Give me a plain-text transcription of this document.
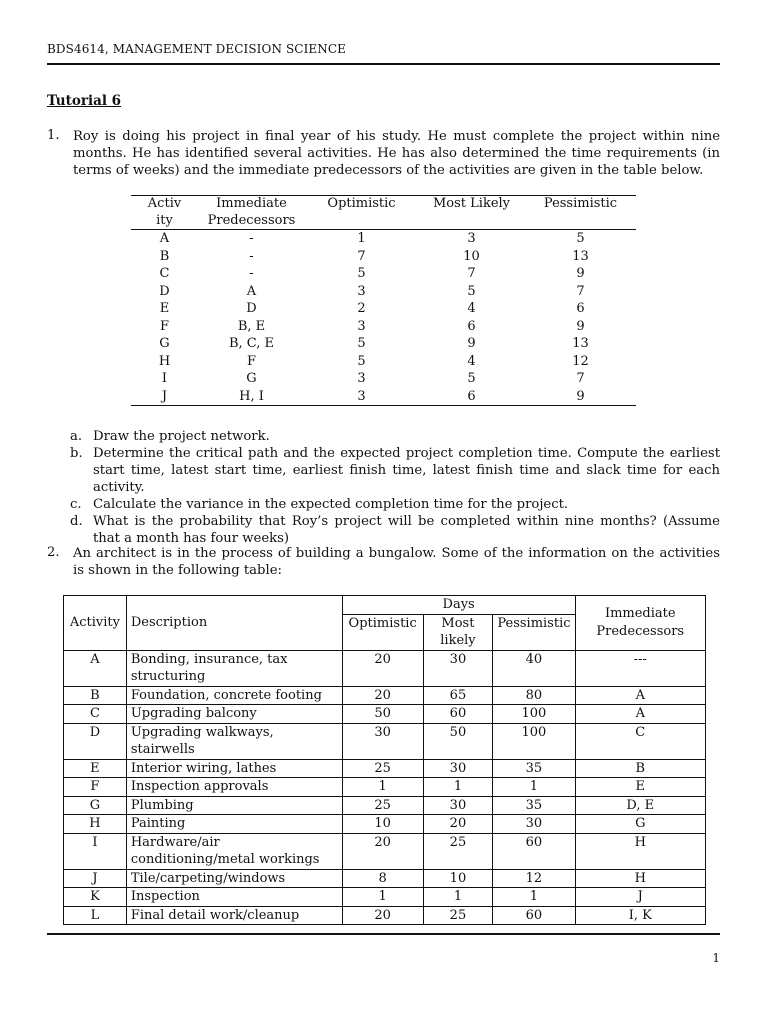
BDS4614, MANAGEMENT DECISION SCIENCE
Tutorial 6
1. Roy is doing his project in final year of his study. He must complete the project within nine months. He has identified several activities. He has also determined the time requirements (in terms of weeks) and the immediate predecessors of the activities are given in the table below.
Activity	Immediate Predecessors	Optimistic	Most Likely	Pessimistic
A	-	1	3	5
B	-	7	10	13
C	-	5	7	9
D	A	3	5	7
E	D	2	4	6
F	B, E	3	6	9
G	B, C, E	5	9	13
H	F	5	4	12
I	G	3	5	7
J	H, I	3	6	9
a. Draw the project network.
b. Determine the critical path and the expected project completion time. Compute the earliest start time, latest start time, earliest finish time, latest finish time and slack time for each activity.
c. Calculate the variance in the expected completion time for the project.
d. What is the probability that Roy’s project will be completed within nine months? (Assume that a month has four weeks)
2. An architect is in the process of building a bungalow. Some of the information on the activities is shown in the following table:
Activity	Description	Days			Immediate Predecessors
		Optimistic	Most likely	Pessimistic	
A	Bonding, insurance, tax structuring	20	30	40	---
B	Foundation, concrete footing	20	65	80	A
C	Upgrading balcony	50	60	100	A
D	Upgrading walkways, stairwells	30	50	100	C
E	Interior wiring, lathes	25	30	35	B
F	Inspection approvals	1	1	1	E
G	Plumbing	25	30	35	D, E
H	Painting	10	20	30	G
I	Hardware/air conditioning/metal workings	20	25	60	H
J	Tile/carpeting/windows	8	10	12	H
K	Inspection	1	1	1	J
L	Final detail work/cleanup	20	25	60	I, K
1
